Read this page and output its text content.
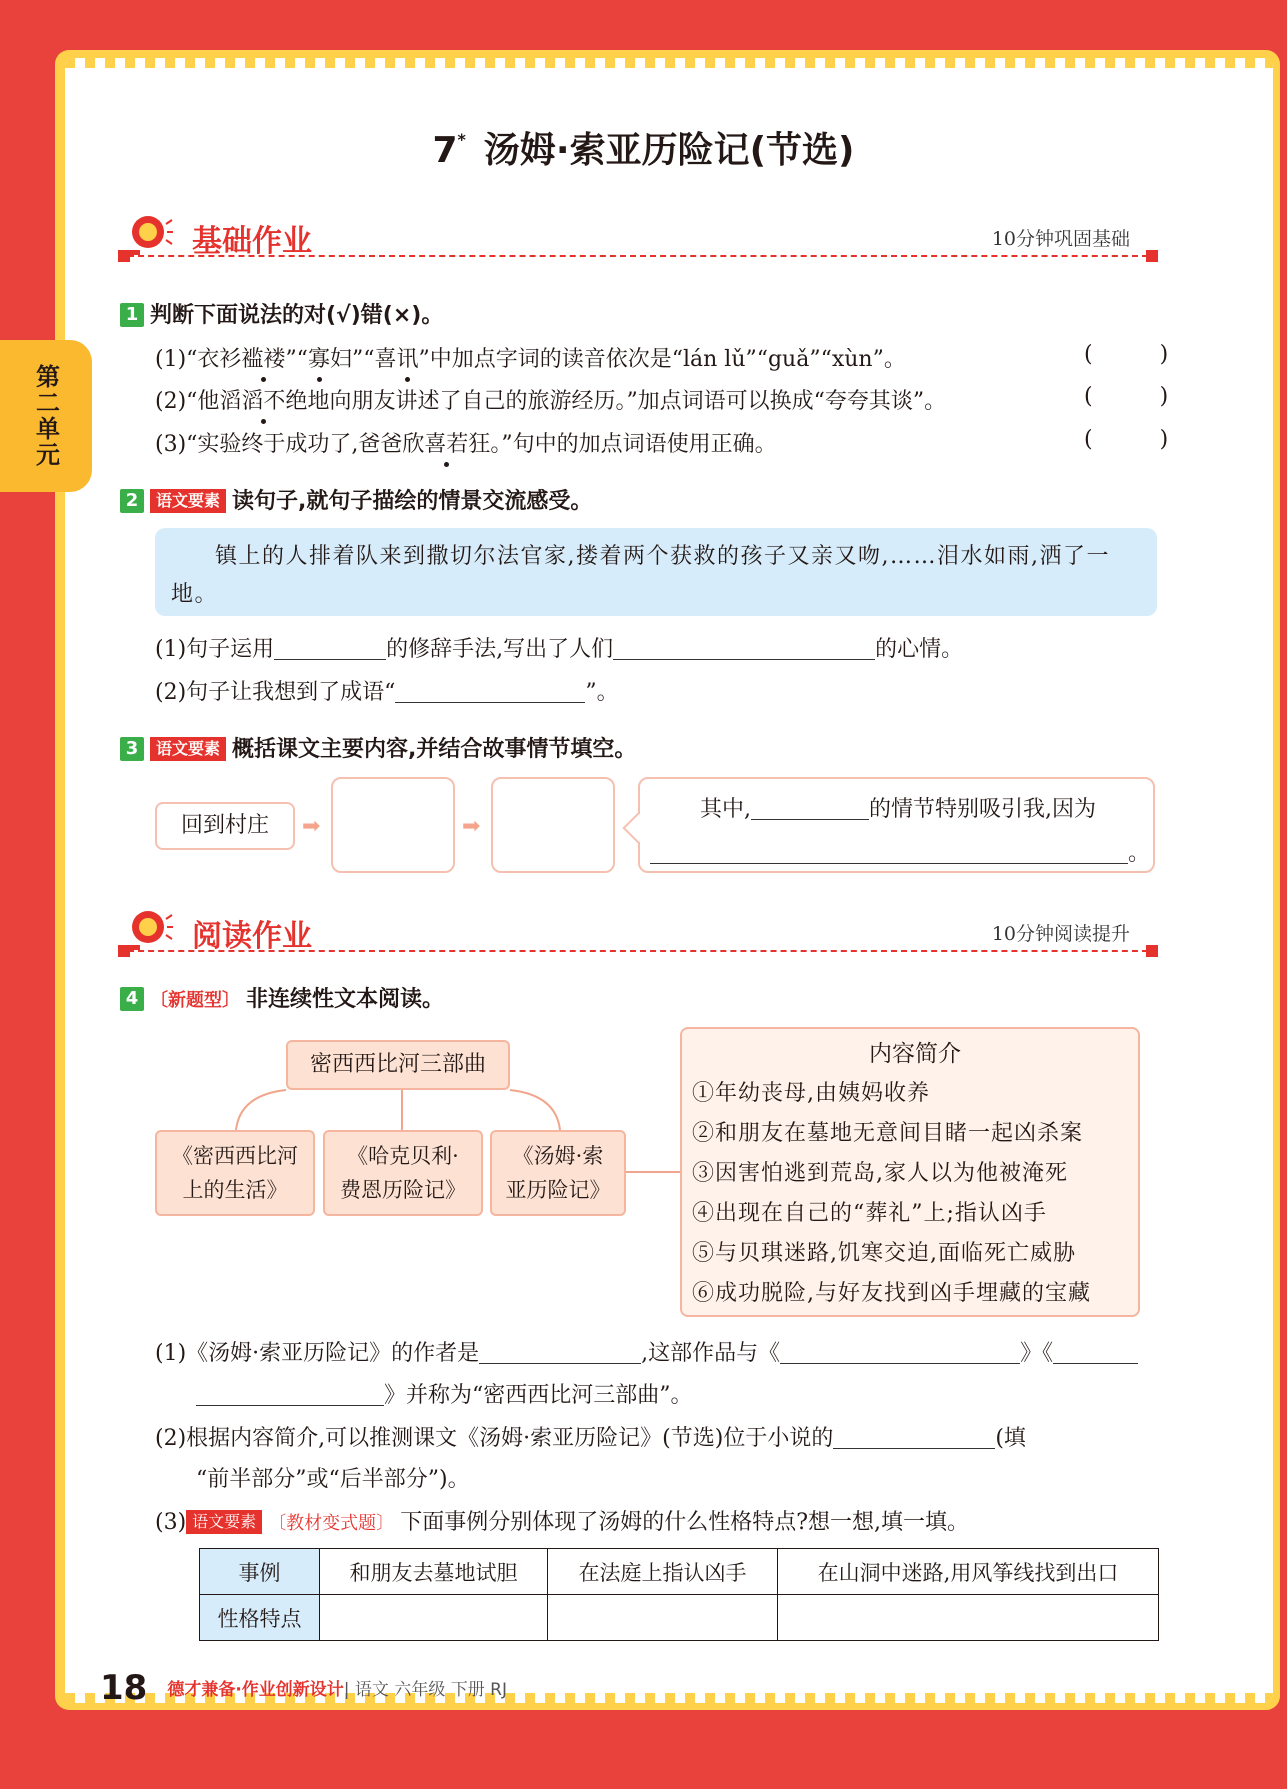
第二单元
7* 汤姆·索亚历险记(节选)
基础作业	10分钟巩固基础
1 判断下面说法的对(√)错(×)。
(1)“衣衫褴褛”“寡妇”“喜讯”中加点字词的读音依次是“lán lǔ”“guǎ”“xùn”。	( )
(2)“他滔滔不绝地向朋友讲述了自己的旅游经历。”加点词语可以换成“夸夸其谈”。	( )
(3)“实验终于成功了,爸爸欣喜若狂。”句中的加点词语使用正确。	( )
2 语文要素 读句子,就句子描绘的情景交流感受。
镇上的人排着队来到撒切尔法官家,搂着两个获救的孩子又亲又吻,……泪水如雨,洒了一地。
(1)句子运用	的修辞手法,写出了人们	的心情。
(2)句子让我想到了成语“	”。
3 语文要素 概括课文主要内容,并结合故事情节填空。
回到村庄	➡	➡
其中,	的情节特别吸引我,因为
。
阅读作业	10分钟阅读提升
4 〔新题型〕 非连续性文本阅读。
密西西比河三部曲
《密西西比河
上的生活》
《哈克贝利·
费恩历险记》
《汤姆·索
亚历险记》
内容简介
①年幼丧母,由姨妈收养
②和朋友在墓地无意间目睹一起凶杀案
③因害怕逃到荒岛,家人以为他被淹死
④出现在自己的“葬礼”上;指认凶手
⑤与贝琪迷路,饥寒交迫,面临死亡威胁
⑥成功脱险,与好友找到凶手埋藏的宝藏
(1)《汤姆·索亚历险记》的作者是	,这部作品与《	》《
》并称为“密西西比河三部曲”。
(2)根据内容简介,可以推测课文《汤姆·索亚历险记》(节选)位于小说的	(填
“前半部分”或“后半部分”)。
(3) 语文要素 〔教材变式题〕 下面事例分别体现了汤姆的什么性格特点?想一想,填一填。
事例	和朋友去墓地试胆	在法庭上指认凶手	在山洞中迷路,用风筝线找到出口
性格特点			
18 德才兼备·作业创新设计| 语文 六年级 下册 RJ
